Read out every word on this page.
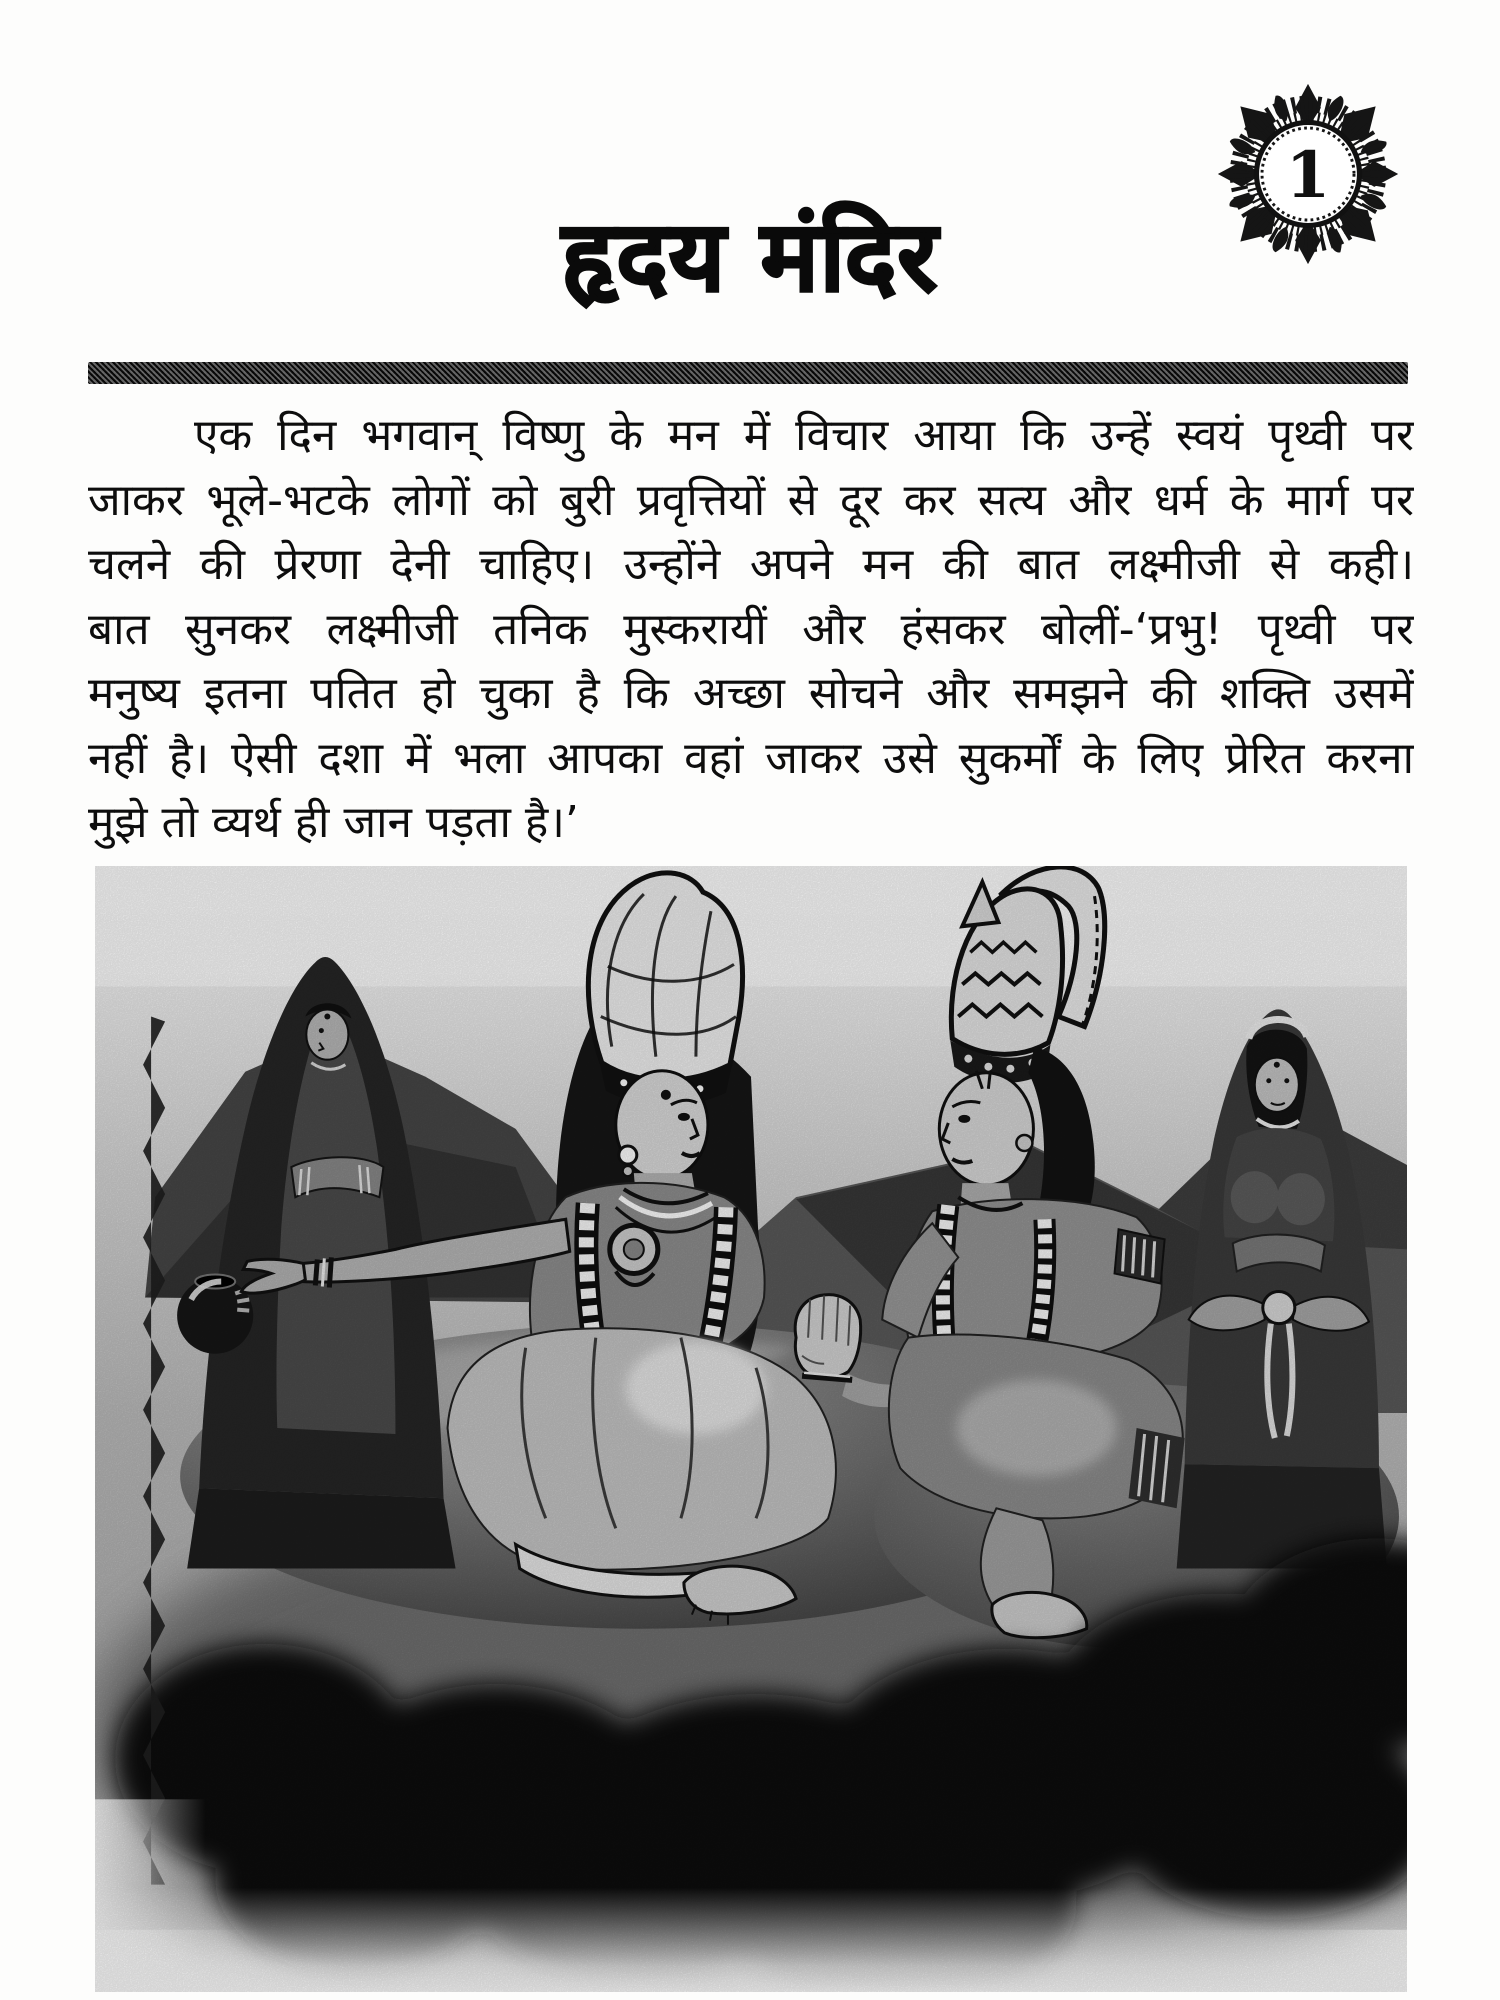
1
हृदय मंदिर
एक दिन भगवान् विष्णु के मन में विचार आया कि उन्हें स्वयं पृथ्वी पर
जाकर भूले-भटके लोगों को बुरी प्रवृत्तियों से दूर कर सत्य और धर्म के मार्ग पर
चलने की प्रेरणा देनी चाहिए। उन्होंने अपने मन की बात लक्ष्मीजी से कही।
बात सुनकर लक्ष्मीजी तनिक मुस्करायीं और हंसकर बोलीं-‘प्रभु! पृथ्वी पर
मनुष्य इतना पतित हो चुका है कि अच्छा सोचने और समझने की शक्ति उसमें
नहीं है। ऐसी दशा में भला आपका वहां जाकर उसे सुकर्मों के लिए प्रेरित करना
मुझे तो व्यर्थ ही जान पड़ता है।’
